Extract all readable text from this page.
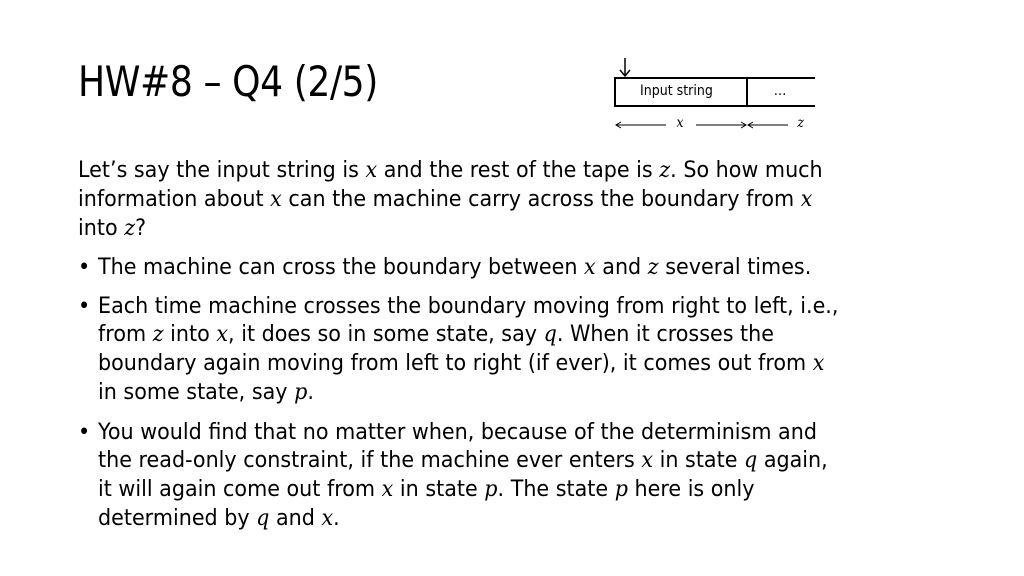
HW#8 – Q4 (2/5)	Input string	…
x	z
Let’s say the input string is x and the rest of the tape is z. So how much
information about x can the machine carry across the boundary from x
into z?
• The machine can cross the boundary between x and z several times.
• Each time machine crosses the boundary moving from right to left, i.e.,
from z into x, it does so in some state, say q. When it crosses the
boundary again moving from left to right (if ever), it comes out from x
in some state, say p.
• You would find that no matter when, because of the determinism and
the read-only constraint, if the machine ever enters x in state q again,
it will again come out from x in state p. The state p here is only
determined by q and x.
